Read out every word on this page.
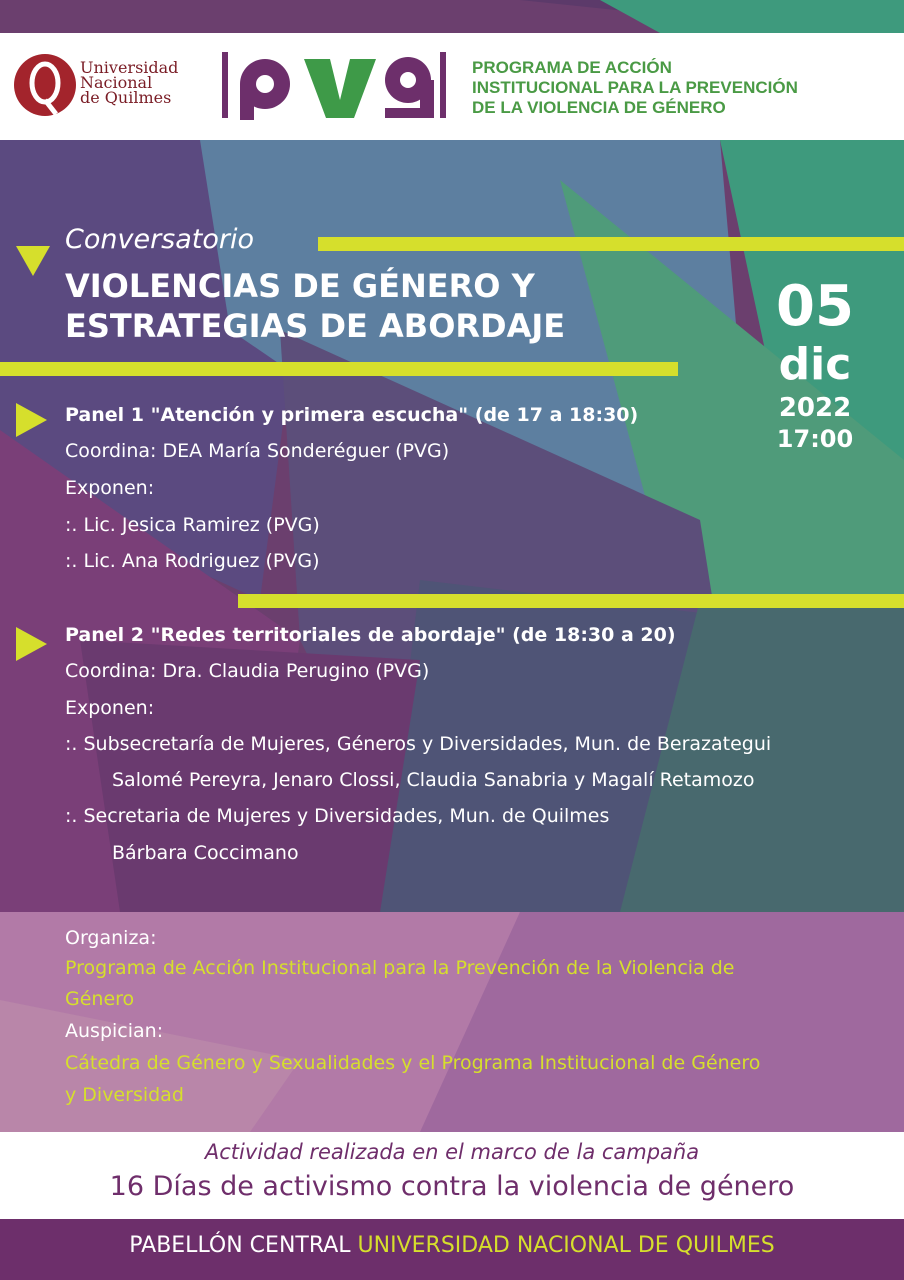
Universidad
Nacional
de Quilmes
PROGRAMA DE ACCIÓN
INSTITUCIONAL PARA LA PREVENCIÓN
DE LA VIOLENCIA DE GÉNERO
Conversatorio
VIOLENCIAS DE GÉNERO Y
ESTRATEGIAS DE ABORDAJE	05
dic
2022
17:00
Panel 1 "Atención y primera escucha" (de 17 a 18:30)
Coordina: DEA María Sonderéguer (PVG)
Exponen:
:. Lic. Jesica Ramirez (PVG)
:. Lic. Ana Rodriguez (PVG)
Panel 2 "Redes territoriales de abordaje" (de 18:30 a 20)
Coordina: Dra. Claudia Perugino (PVG)
Exponen:
:. Subsecretaría de Mujeres, Géneros y Diversidades, Mun. de Berazategui
Salomé Pereyra, Jenaro Clossi, Claudia Sanabria y Magalí Retamozo
:. Secretaria de Mujeres y Diversidades, Mun. de Quilmes
Bárbara Coccimano
Organiza:
Programa de Acción Institucional para la Prevención de la Violencia de
Género
Auspician:
Cátedra de Género y Sexualidades y el Programa Institucional de Género
y Diversidad
Actividad realizada en el marco de la campaña
16 Días de activismo contra la violencia de género
PABELLÓN CENTRAL UNIVERSIDAD NACIONAL DE QUILMES
